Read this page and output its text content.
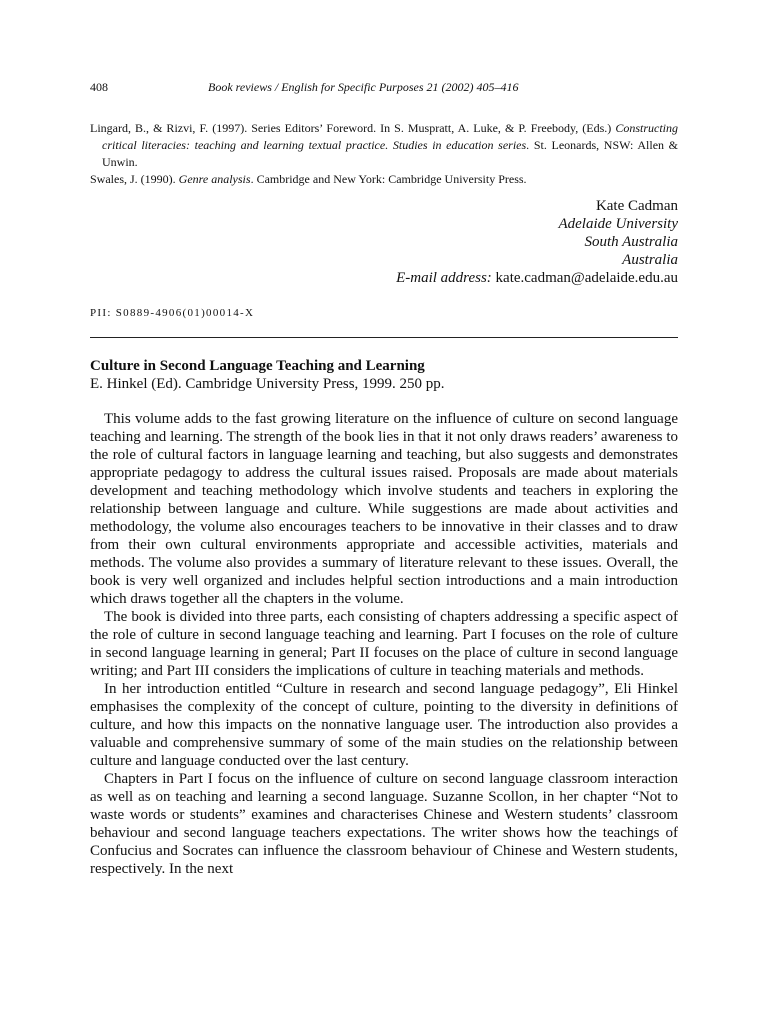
408	Book reviews / English for Specific Purposes 21 (2002) 405–416
Lingard, B., & Rizvi, F. (1997). Series Editors’ Foreword. In S. Muspratt, A. Luke, & P. Freebody, (Eds.) Constructing critical literacies: teaching and learning textual practice. Studies in education series. St. Leonards, NSW: Allen & Unwin.
Swales, J. (1990). Genre analysis. Cambridge and New York: Cambridge University Press.
Kate Cadman
Adelaide University
South Australia
Australia
E-mail address: kate.cadman@adelaide.edu.au
PII: S0889-4906(01)00014-X
Culture in Second Language Teaching and Learning
E. Hinkel (Ed). Cambridge University Press, 1999. 250 pp.

This volume adds to the fast growing literature on the influence of culture on second language teaching and learning. The strength of the book lies in that it not only draws readers’ awareness to the role of cultural factors in language learning and teaching, but also suggests and demonstrates appropriate pedagogy to address the cultural issues raised. Proposals are made about materials development and teaching methodology which involve students and teachers in exploring the relationship between language and culture. While suggestions are made about activities and methodology, the volume also encourages teachers to be innovative in their classes and to draw from their own cultural environments appropriate and accessible activities, materials and methods. The volume also provides a summary of literature relevant to these issues. Overall, the book is very well organized and includes helpful section introductions and a main introduction which draws together all the chapters in the volume.

The book is divided into three parts, each consisting of chapters addressing a specific aspect of the role of culture in second language teaching and learning. Part I focuses on the role of culture in second language learning in general; Part II focuses on the place of culture in second language writing; and Part III considers the implications of culture in teaching materials and methods.

In her introduction entitled “Culture in research and second language pedagogy”, Eli Hinkel emphasises the complexity of the concept of culture, pointing to the diversity in definitions of culture, and how this impacts on the nonnative language user. The introduction also provides a valuable and comprehensive summary of some of the main studies on the relationship between culture and language conducted over the last century.

Chapters in Part I focus on the influence of culture on second language classroom interaction as well as on teaching and learning a second language. Suzanne Scollon, in her chapter “Not to waste words or students” examines and characterises Chinese and Western students’ classroom behaviour and second language teachers expectations. The writer shows how the teachings of Confucius and Socrates can influence the classroom behaviour of Chinese and Western students, respectively. In the next
